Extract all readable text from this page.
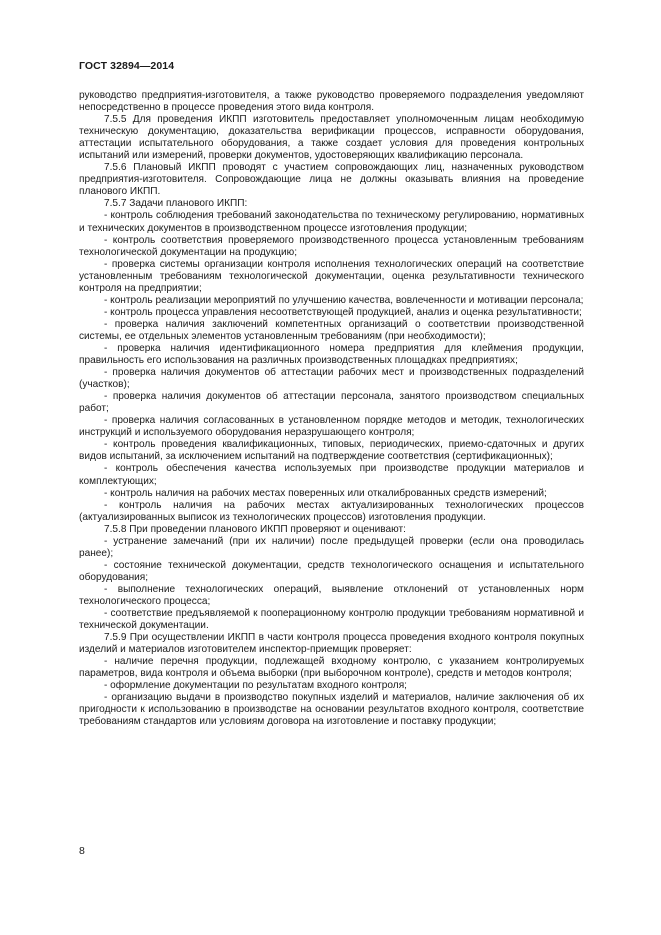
ГОСТ 32894—2014

руководство предприятия-изготовителя, а также руководство проверяемого подразделения уведомляют непосредственно в процессе проведения этого вида контроля.

7.5.5 Для проведения ИКПП изготовитель предоставляет уполномоченным лицам необходимую техническую документацию, доказательства верификации процессов, исправности оборудования, аттестации испытательного оборудования, а также создает условия для проведения контрольных испытаний или измерений, проверки документов, удостоверяющих квалификацию персонала.

7.5.6 Плановый ИКПП проводят с участием сопровождающих лиц, назначенных руководством предприятия-изготовителя. Сопровождающие лица не должны оказывать влияния на проведение планового ИКПП.

7.5.7 Задачи планового ИКПП:

- контроль соблюдения требований законодательства по техническому регулированию, нормативных и технических документов в производственном процессе изготовления продукции;

- контроль соответствия проверяемого производственного процесса установленным требованиям технологической документации на продукцию;

- проверка системы организации контроля исполнения технологических операций на соответствие установленным требованиям технологической документации, оценка результативности технического контроля на предприятии;

- контроль реализации мероприятий по улучшению качества, вовлеченности и мотивации персонала;

- контроль процесса управления несоответствующей продукцией, анализ и оценка результативности;

- проверка наличия заключений компетентных организаций о соответствии производственной системы, ее отдельных элементов установленным требованиям (при необходимости);

- проверка наличия идентификационного номера предприятия для клеймения продукции, правильность его использования на различных производственных площадках предприятиях;

- проверка наличия документов об аттестации рабочих мест и производственных подразделений (участков);

- проверка наличия документов об аттестации персонала, занятого производством специальных работ;

- проверка наличия согласованных в установленном порядке методов и методик, технологических инструкций и используемого оборудования неразрушающего контроля;

- контроль проведения квалификационных, типовых, периодических, приемо-сдаточных и других видов испытаний, за исключением испытаний на подтверждение соответствия (сертификационных);

- контроль обеспечения качества используемых при производстве продукции материалов и комплектующих;

- контроль наличия на рабочих местах поверенных или откалиброванных средств измерений;

- контроль наличия на рабочих местах актуализированных технологических процессов (актуализированных выписок из технологических процессов) изготовления продукции.

7.5.8 При проведении планового ИКПП проверяют и оценивают:

- устранение замечаний (при их наличии) после предыдущей проверки (если она проводилась ранее);

- состояние технической документации, средств технологического оснащения и испытательного оборудования;

- выполнение технологических операций, выявление отклонений от установленных норм технологического процесса;

- соответствие предъявляемой к пооперационному контролю продукции требованиям нормативной и технической документации.

7.5.9 При осуществлении ИКПП в части контроля процесса проведения входного контроля покупных изделий и материалов изготовителем инспектор-приемщик проверяет:

- наличие перечня продукции, подлежащей входному контролю, с указанием контролируемых параметров, вида контроля и объема выборки (при выборочном контроле), средств и методов контроля;

- оформление документации по результатам входного контроля;

- организацию выдачи в производство покупных изделий и материалов, наличие заключения об их пригодности к использованию в производстве на основании результатов входного контроля, соответствие требованиям стандартов или условиям договора на изготовление и поставку продукции;

8
